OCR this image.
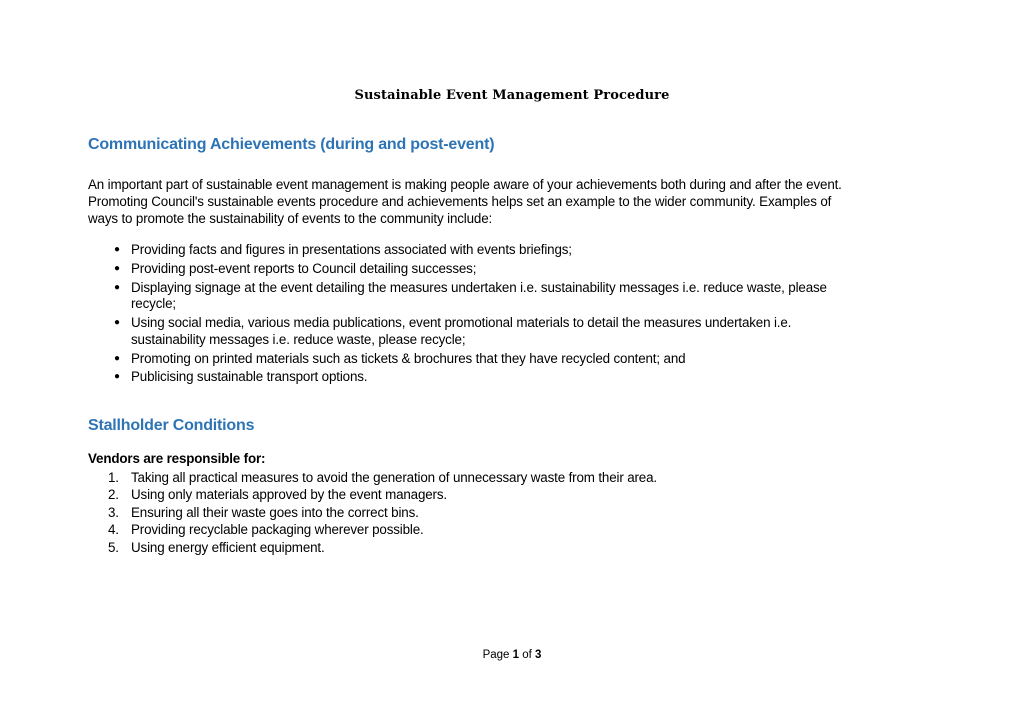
Sustainable Event Management Procedure
Communicating Achievements (during and post-event)
An important part of sustainable event management is making people aware of your achievements both during and after the event.
Promoting Council's sustainable events procedure and achievements helps set an example to the wider community. Examples of
ways to promote the sustainability of events to the community include:
● Providing facts and figures in presentations associated with events briefings;
● Providing post-event reports to Council detailing successes;
● Displaying signage at the event detailing the measures undertaken i.e. sustainability messages i.e. reduce waste, please
recycle;
● Using social media, various media publications, event promotional materials to detail the measures undertaken i.e.
sustainability messages i.e. reduce waste, please recycle;
● Promoting on printed materials such as tickets & brochures that they have recycled content; and
● Publicising sustainable transport options.
Stallholder Conditions
Vendors are responsible for:
1. Taking all practical measures to avoid the generation of unnecessary waste from their area.
2. Using only materials approved by the event managers.
3. Ensuring all their waste goes into the correct bins.
4. Providing recyclable packaging wherever possible.
5. Using energy efficient equipment.
Page 1 of 3
